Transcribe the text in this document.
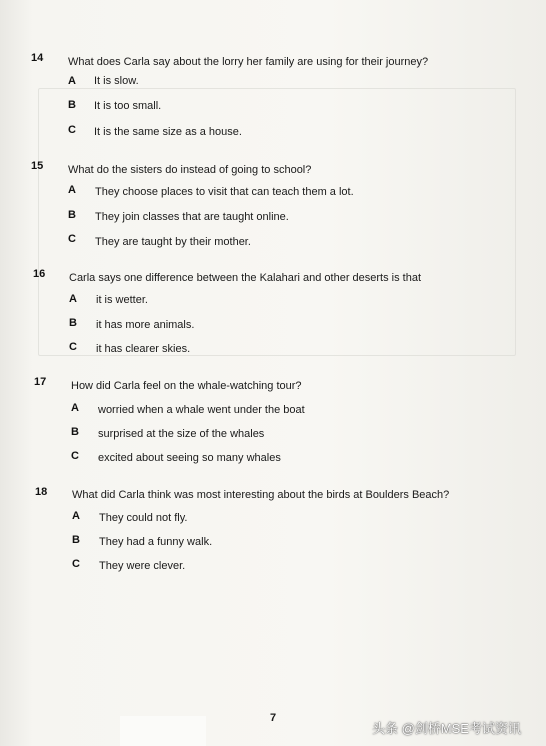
14 What does Carla say about the lorry her family are using for their journey?
A It is slow.
B It is too small.
C It is the same size as a house.
15 What do the sisters do instead of going to school?
A They choose places to visit that can teach them a lot.
B They join classes that are taught online.
C They are taught by their mother.
16 Carla says one difference between the Kalahari and other deserts is that
A it is wetter.
B it has more animals.
C it has clearer skies.
17 How did Carla feel on the whale-watching tour?
A worried when a whale went under the boat
B surprised at the size of the whales
C excited about seeing so many whales
18 What did Carla think was most interesting about the birds at Boulders Beach?
A They could not fly.
B They had a funny walk.
C They were clever.
7
头条 @剑桥MSE考试资讯
